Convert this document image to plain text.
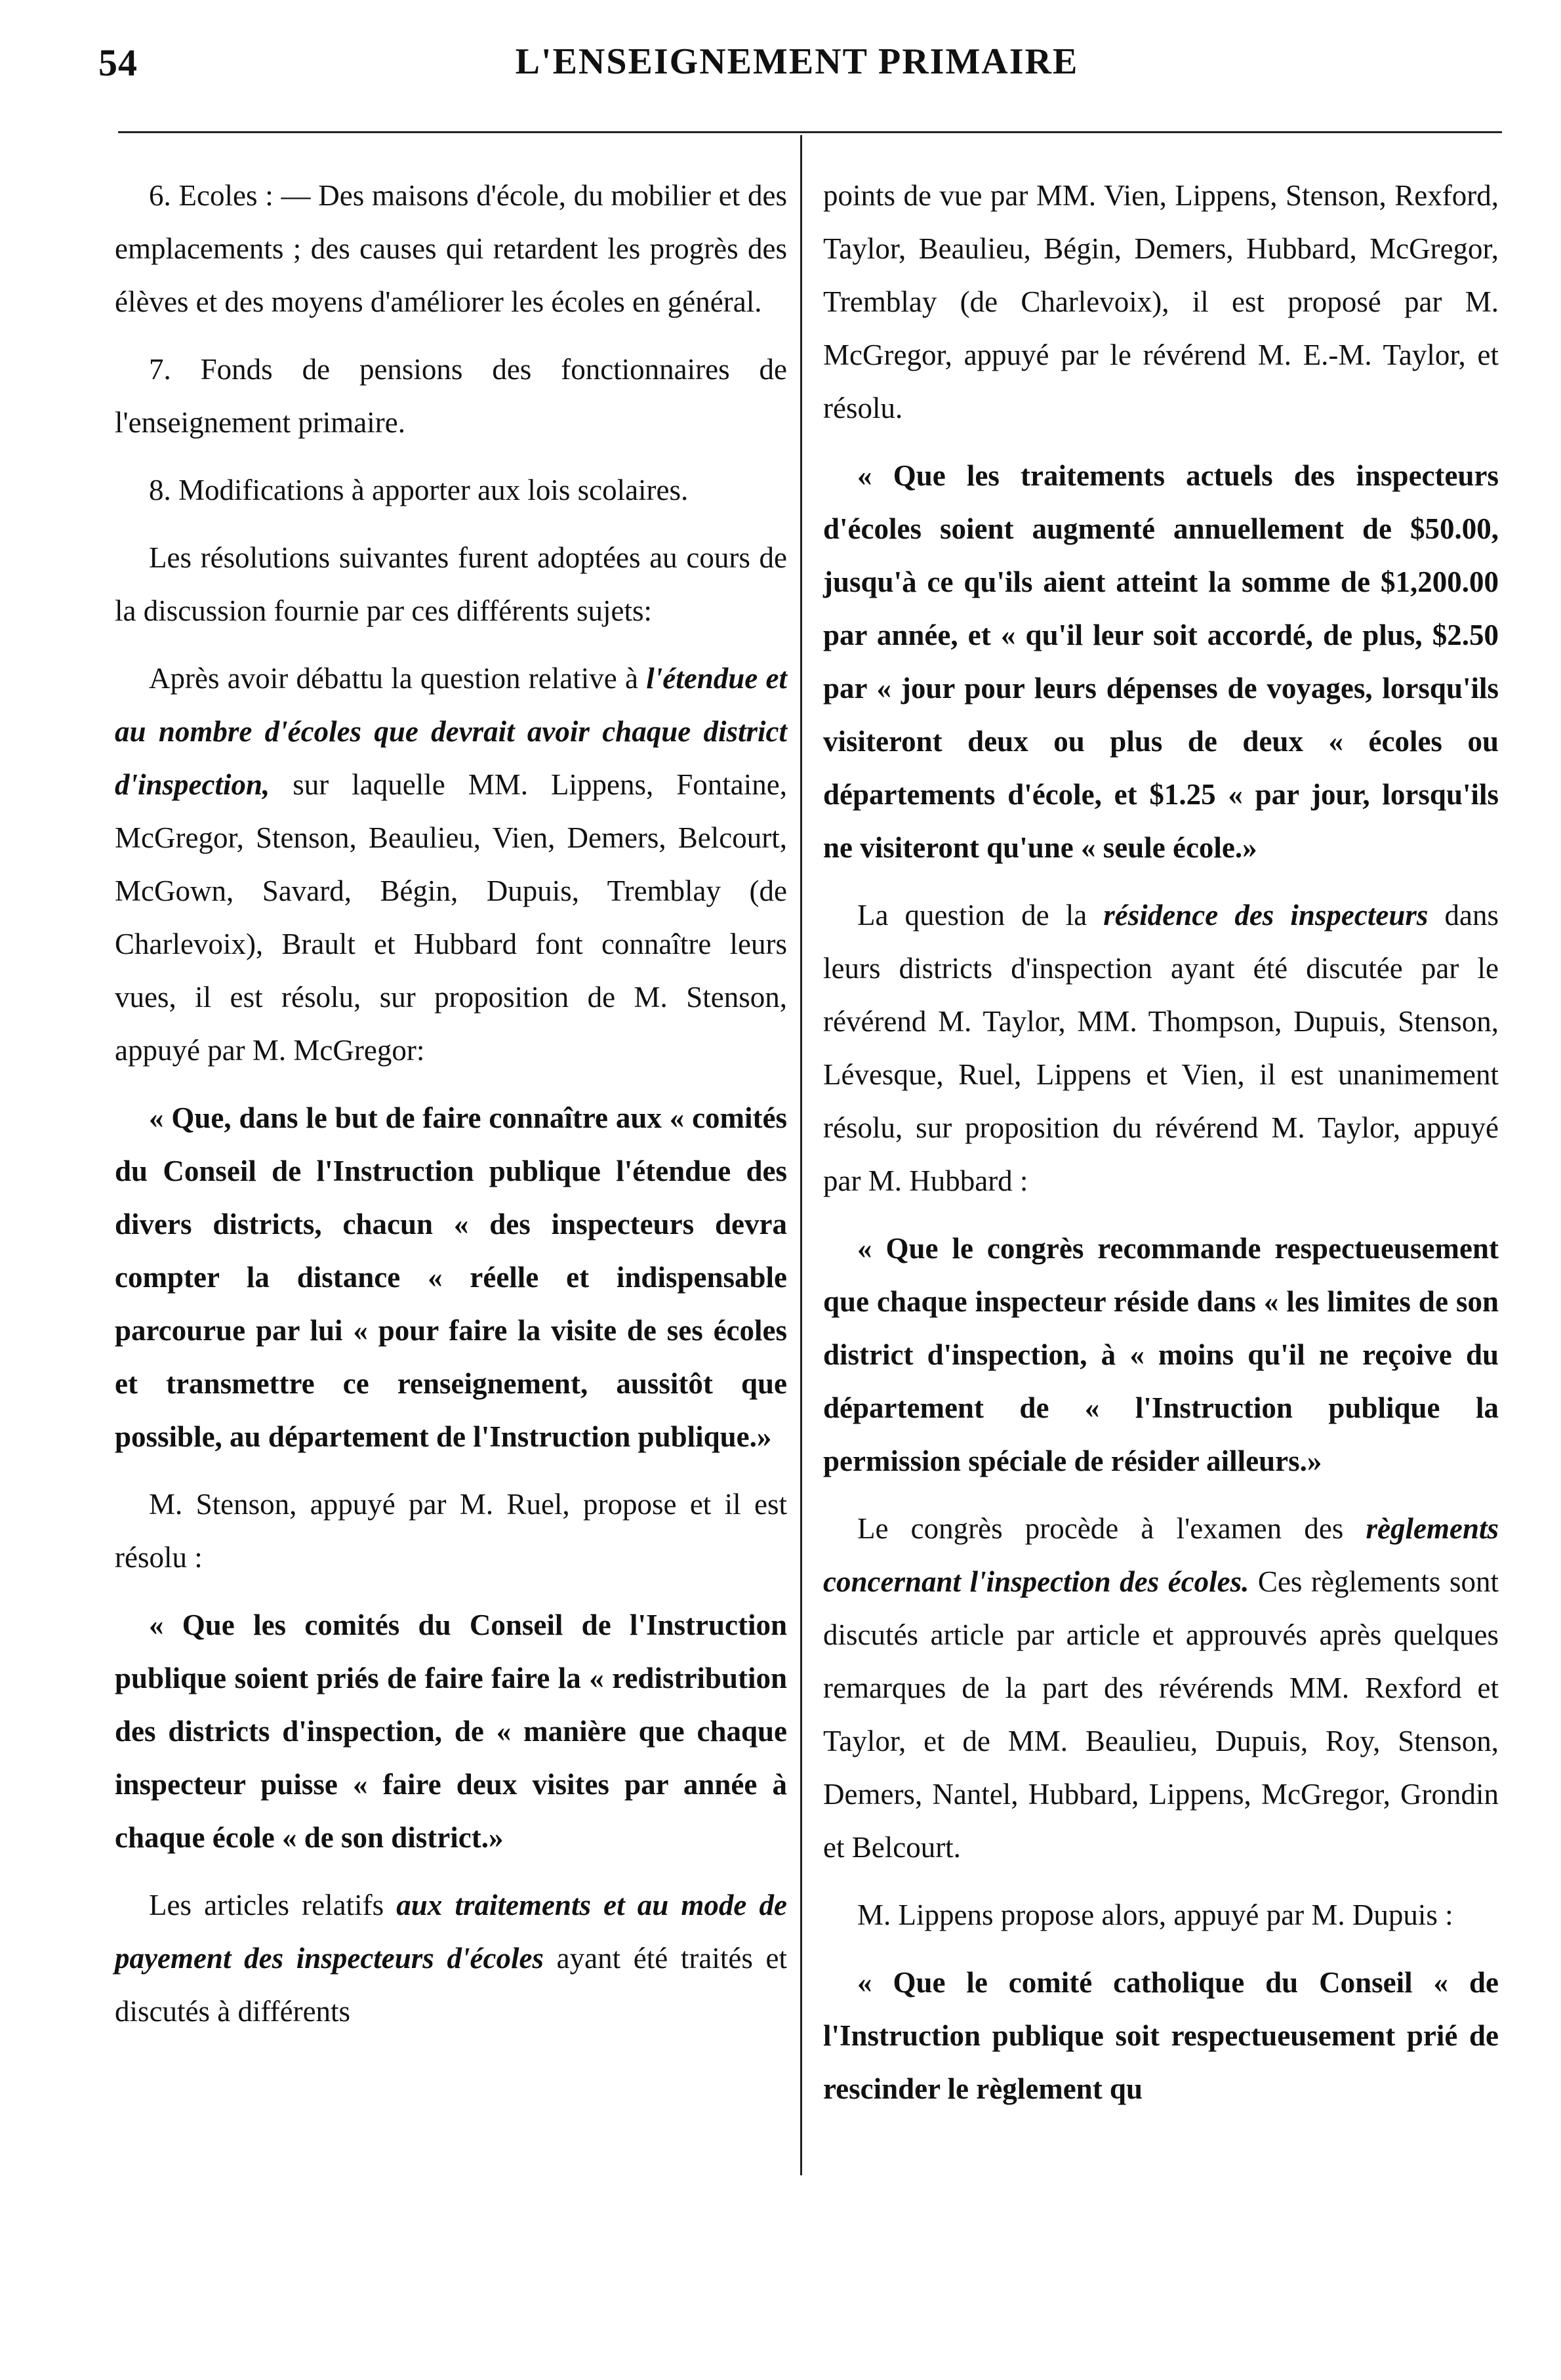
54	L'ENSEIGNEMENT PRIMAIRE

6. Ecoles : — Des maisons d'école, du mobilier et des emplacements ; des causes qui retardent les progrès des élèves et des moyens d'améliorer les écoles en général.

7. Fonds de pensions des fonctionnaires de l'enseignement primaire.

8. Modifications à apporter aux lois scolaires.

Les résolutions suivantes furent adoptées au cours de la discussion fournie par ces différents sujets:

Après avoir débattu la question relative à l'étendue et au nombre d'écoles que devrait avoir chaque district d'inspection, sur laquelle MM. Lippens, Fontaine, McGregor, Stenson, Beaulieu, Vien, Demers, Belcourt, McGown, Savard, Bégin, Dupuis, Tremblay (de Charlevoix), Brault et Hubbard font connaître leurs vues, il est résolu, sur proposition de M. Stenson, appuyé par M. McGregor:

« Que, dans le but de faire connaître aux « comités du Conseil de l'Instruction publique l'étendue des divers districts, chacun « des inspecteurs devra compter la distance « réelle et indispensable parcourue par lui « pour faire la visite de ses écoles et transmettre ce renseignement, aussitôt que possible, au département de l'Instruction publique.»

M. Stenson, appuyé par M. Ruel, propose et il est résolu :

« Que les comités du Conseil de l'Instruction publique soient priés de faire faire la « redistribution des districts d'inspection, de « manière que chaque inspecteur puisse « faire deux visites par année à chaque école « de son district.»

Les articles relatifs aux traitements et au mode de payement des inspecteurs d'écoles ayant été traités et discutés à différents

points de vue par MM. Vien, Lippens, Stenson, Rexford, Taylor, Beaulieu, Bégin, Demers, Hubbard, McGregor, Tremblay (de Charlevoix), il est proposé par M. McGregor, appuyé par le révérend M. E.-M. Taylor, et résolu.

« Que les traitements actuels des inspecteurs d'écoles soient augmenté annuellement de $50.00, jusqu'à ce qu'ils aient atteint la somme de $1,200.00 par année, et « qu'il leur soit accordé, de plus, $2.50 par « jour pour leurs dépenses de voyages, lorsqu'ils visiteront deux ou plus de deux « écoles ou départements d'école, et $1.25 « par jour, lorsqu'ils ne visiteront qu'une « seule école.»

La question de la résidence des inspecteurs dans leurs districts d'inspection ayant été discutée par le révérend M. Taylor, MM. Thompson, Dupuis, Stenson, Lévesque, Ruel, Lippens et Vien, il est unanimement résolu, sur proposition du révérend M. Taylor, appuyé par M. Hubbard :

« Que le congrès recommande respectueusement que chaque inspecteur réside dans « les limites de son district d'inspection, à « moins qu'il ne reçoive du département de « l'Instruction publique la permission spéciale de résider ailleurs.»

Le congrès procède à l'examen des règlements concernant l'inspection des écoles. Ces règlements sont discutés article par article et approuvés après quelques remarques de la part des révérends MM. Rexford et Taylor, et de MM. Beaulieu, Dupuis, Roy, Stenson, Demers, Nantel, Hubbard, Lippens, McGregor, Grondin et Belcourt.

M. Lippens propose alors, appuyé par M. Dupuis :

« Que le comité catholique du Conseil « de l'Instruction publique soit respectueusement prié de rescinder le règlement qu
